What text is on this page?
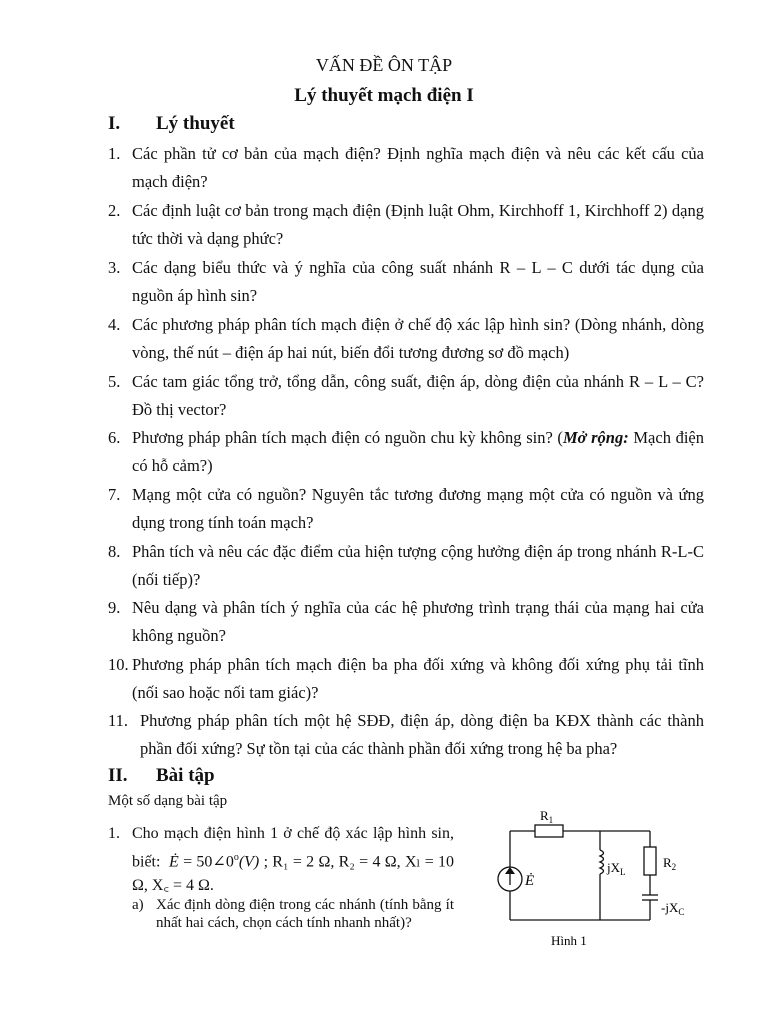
VẤN ĐỀ ÔN TẬP
Lý thuyết mạch điện I
I. Lý thuyết
1. Các phần tử cơ bản của mạch điện? Định nghĩa mạch điện và nêu các kết cấu của mạch điện?
2. Các định luật cơ bản trong mạch điện (Định luật Ohm, Kirchhoff 1, Kirchhoff 2) dạng tức thời và dạng phức?
3. Các dạng biểu thức và ý nghĩa của công suất nhánh R – L – C dưới tác dụng của nguồn áp hình sin?
4. Các phương pháp phân tích mạch điện ở chế độ xác lập hình sin? (Dòng nhánh, dòng vòng, thế nút – điện áp hai nút, biến đổi tương đương sơ đồ mạch)
5. Các tam giác tổng trở, tổng dẫn, công suất, điện áp, dòng điện của nhánh R – L – C? Đồ thị vector?
6. Phương pháp phân tích mạch điện có nguồn chu kỳ không sin? (Mở rộng: Mạch điện có hỗ cảm?)
7. Mạng một cửa có nguồn? Nguyên tắc tương đương mạng một cửa có nguồn và ứng dụng trong tính toán mạch?
8. Phân tích và nêu các đặc điểm của hiện tượng cộng hưởng điện áp trong nhánh R-L-C (nối tiếp)?
9. Nêu dạng và phân tích ý nghĩa của các hệ phương trình trạng thái của mạng hai cửa không nguồn?
10. Phương pháp phân tích mạch điện ba pha đối xứng và không đối xứng phụ tải tĩnh (nối sao hoặc nối tam giác)?
11. Phương pháp phân tích một hệ SĐĐ, điện áp, dòng điện ba KĐX thành các thành phần đối xứng? Sự tồn tại của các thành phần đối xứng trong hệ ba pha?
II. Bài tập
Một số dạng bài tập
1. Cho mạch điện hình 1 ở chế độ xác lập hình sin, biết: Ė = $50\angle 0^o(V)$ ; R₁ = 2 Ω, R₂ = 4 Ω, Xₗ = 10 Ω, X꜀ = 4 Ω.
a) Xác định dòng điện trong các nhánh (tính bằng ít nhất hai cách, chọn cách tính nhanh nhất)?
$R_1$
Ė
$jX_L$
$R_2$
$-jX_C$
Hình 1
